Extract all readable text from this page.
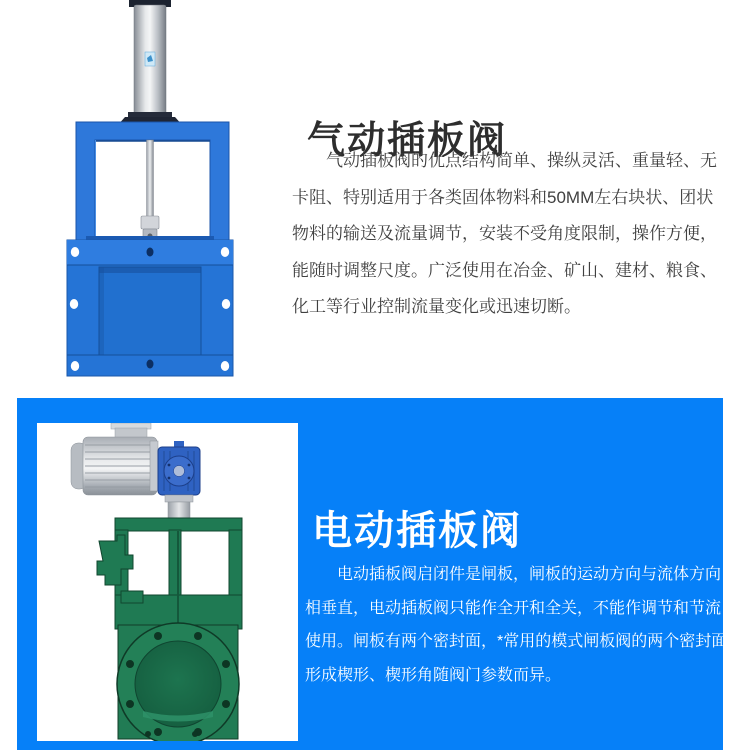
气动插板阀

气动插板阀的优点结构简单、操纵灵活、重量轻、无卡阻、特别适用于各类固体物料和50MM左右块状、团状物料的输送及流量调节，安装不受角度限制，操作方便，能随时调整尺度。广泛使用在冶金、矿山、建材、粮食、化工等行业控制流量变化或迅速切断。

电动插板阀

电动插板阀启闭件是闸板，闸板的运动方向与流体方向相垂直，电动插板阀只能作全开和全关，不能作调节和节流使用。闸板有两个密封面，*常用的模式闸板阀的两个密封面形成楔形、楔形角随阀门参数而异。
